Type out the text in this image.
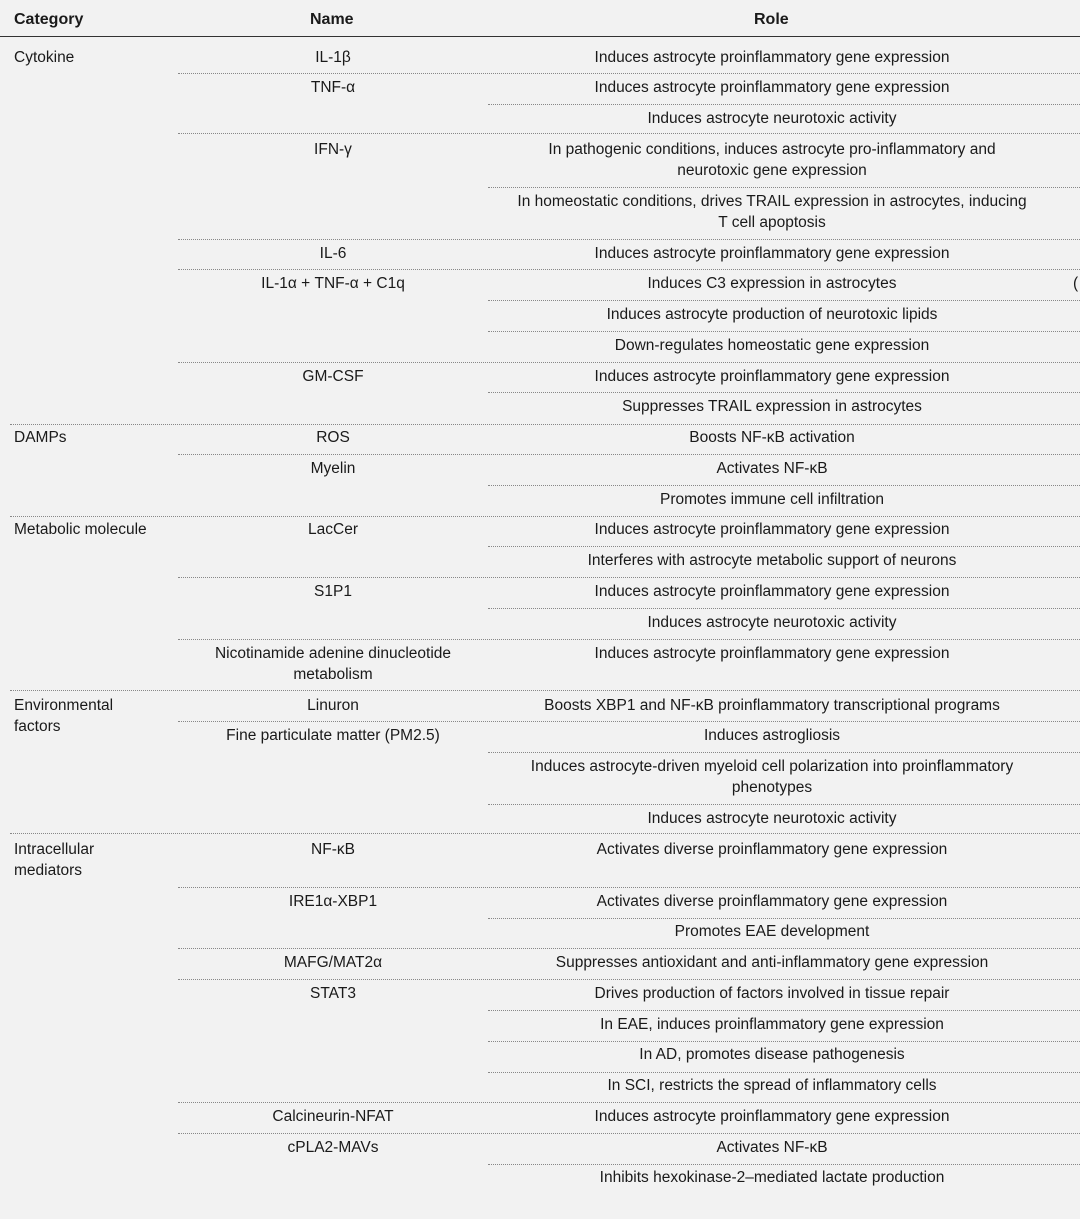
Category	Name	Role
Cytokine
DAMPs
Metabolic molecule
Environmental
factors
Intracellular
mediators
IL-1β
TNF-α
IFN-γ
IL-6
IL-1α + TNF-α + C1q
GM-CSF
ROS
Myelin
LacCer
S1P1
Nicotinamide adenine dinucleotide
metabolism
Linuron
Fine particulate matter (PM2.5)
NF-κB
IRE1α-XBP1
MAFG/MAT2α
STAT3
Calcineurin-NFAT
cPLA2-MAVs
Induces astrocyte proinflammatory gene expression
Induces astrocyte proinflammatory gene expression
Induces astrocyte neurotoxic activity
In pathogenic conditions, induces astrocyte pro-inflammatory and
neurotoxic gene expression
In homeostatic conditions, drives TRAIL expression in astrocytes, inducing
T cell apoptosis
Induces astrocyte proinflammatory gene expression
Induces C3 expression in astrocytes
Induces astrocyte production of neurotoxic lipids
Down-regulates homeostatic gene expression
Induces astrocyte proinflammatory gene expression
Suppresses TRAIL expression in astrocytes
Boosts NF-κB activation
Activates NF-κB
Promotes immune cell infiltration
Induces astrocyte proinflammatory gene expression
Interferes with astrocyte metabolic support of neurons
Induces astrocyte proinflammatory gene expression
Induces astrocyte neurotoxic activity
Induces astrocyte proinflammatory gene expression
Boosts XBP1 and NF-κB proinflammatory transcriptional programs
Induces astrogliosis
Induces astrocyte-driven myeloid cell polarization into proinflammatory
phenotypes
Induces astrocyte neurotoxic activity
Activates diverse proinflammatory gene expression
Activates diverse proinflammatory gene expression
Promotes EAE development
Suppresses antioxidant and anti-inflammatory gene expression
Drives production of factors involved in tissue repair
In EAE, induces proinflammatory gene expression
In AD, promotes disease pathogenesis
In SCI, restricts the spread of inflammatory cells
Induces astrocyte proinflammatory gene expression
Activates NF-κB
Inhibits hexokinase-2–mediated lactate production
(
